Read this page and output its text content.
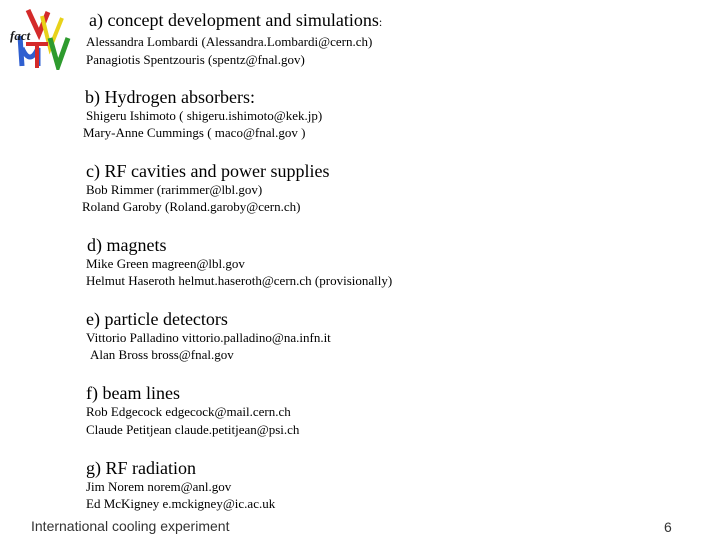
fact
a) concept development and simulations:
Alessandra Lombardi (Alessandra.Lombardi@cern.ch)
Panagiotis Spentzouris (spentz@fnal.gov)
b) Hydrogen absorbers:
Shigeru Ishimoto ( shigeru.ishimoto@kek.jp)
Mary-Anne Cummings ( maco@fnal.gov )
c) RF cavities and power supplies
Bob Rimmer (rarimmer@lbl.gov)
Roland Garoby (Roland.garoby@cern.ch)
d) magnets
Mike Green magreen@lbl.gov
Helmut Haseroth helmut.haseroth@cern.ch (provisionally)
e) particle detectors
Vittorio Palladino vittorio.palladino@na.infn.it
Alan Bross bross@fnal.gov
f) beam lines
Rob Edgecock edgecock@mail.cern.ch
Claude Petitjean claude.petitjean@psi.ch
g) RF radiation
Jim Norem norem@anl.gov
Ed McKigney e.mckigney@ic.ac.uk
International cooling experiment	6
